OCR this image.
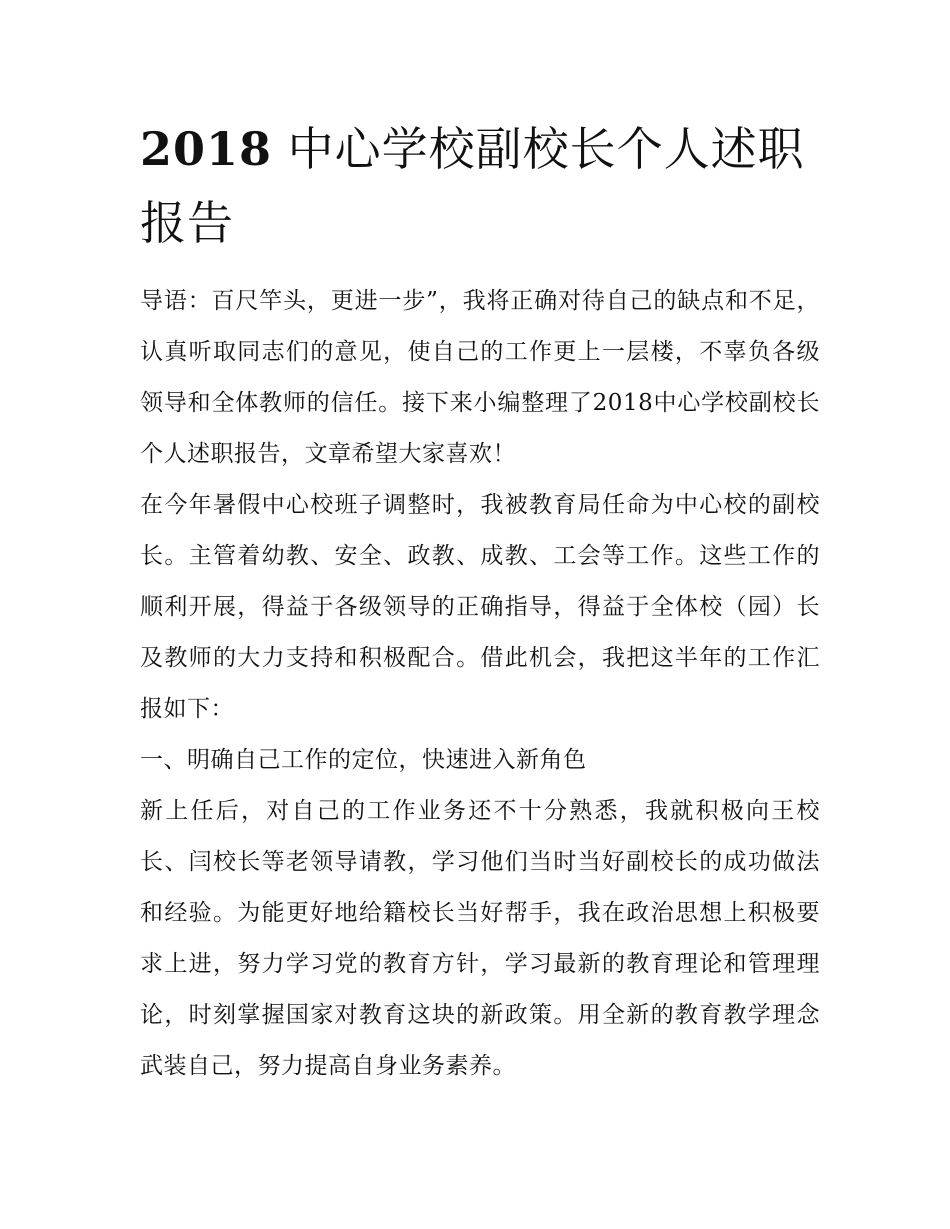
2018 中心学校副校长个人述职报告

导语：百尺竿头，更进一步”，我将正确对待自己的缺点和不足，认真听取同志们的意见，使自己的工作更上一层楼，不辜负各级领导和全体教师的信任。接下来小编整理了2018中心学校副校长个人述职报告，文章希望大家喜欢！

在今年暑假中心校班子调整时，我被教育局任命为中心校的副校长。主管着幼教、安全、政教、成教、工会等工作。这些工作的顺利开展，得益于各级领导的正确指导，得益于全体校（园）长及教师的大力支持和积极配合。借此机会，我把这半年的工作汇报如下：

一、明确自己工作的定位，快速进入新角色

新上任后，对自己的工作业务还不十分熟悉，我就积极向王校长、闫校长等老领导请教，学习他们当时当好副校长的成功做法和经验。为能更好地给籍校长当好帮手，我在政治思想上积极要求上进，努力学习党的教育方针，学习最新的教育理论和管理理论，时刻掌握国家对教育这块的新政策。用全新的教育教学理念武装自己，努力提高自身业务素养。
